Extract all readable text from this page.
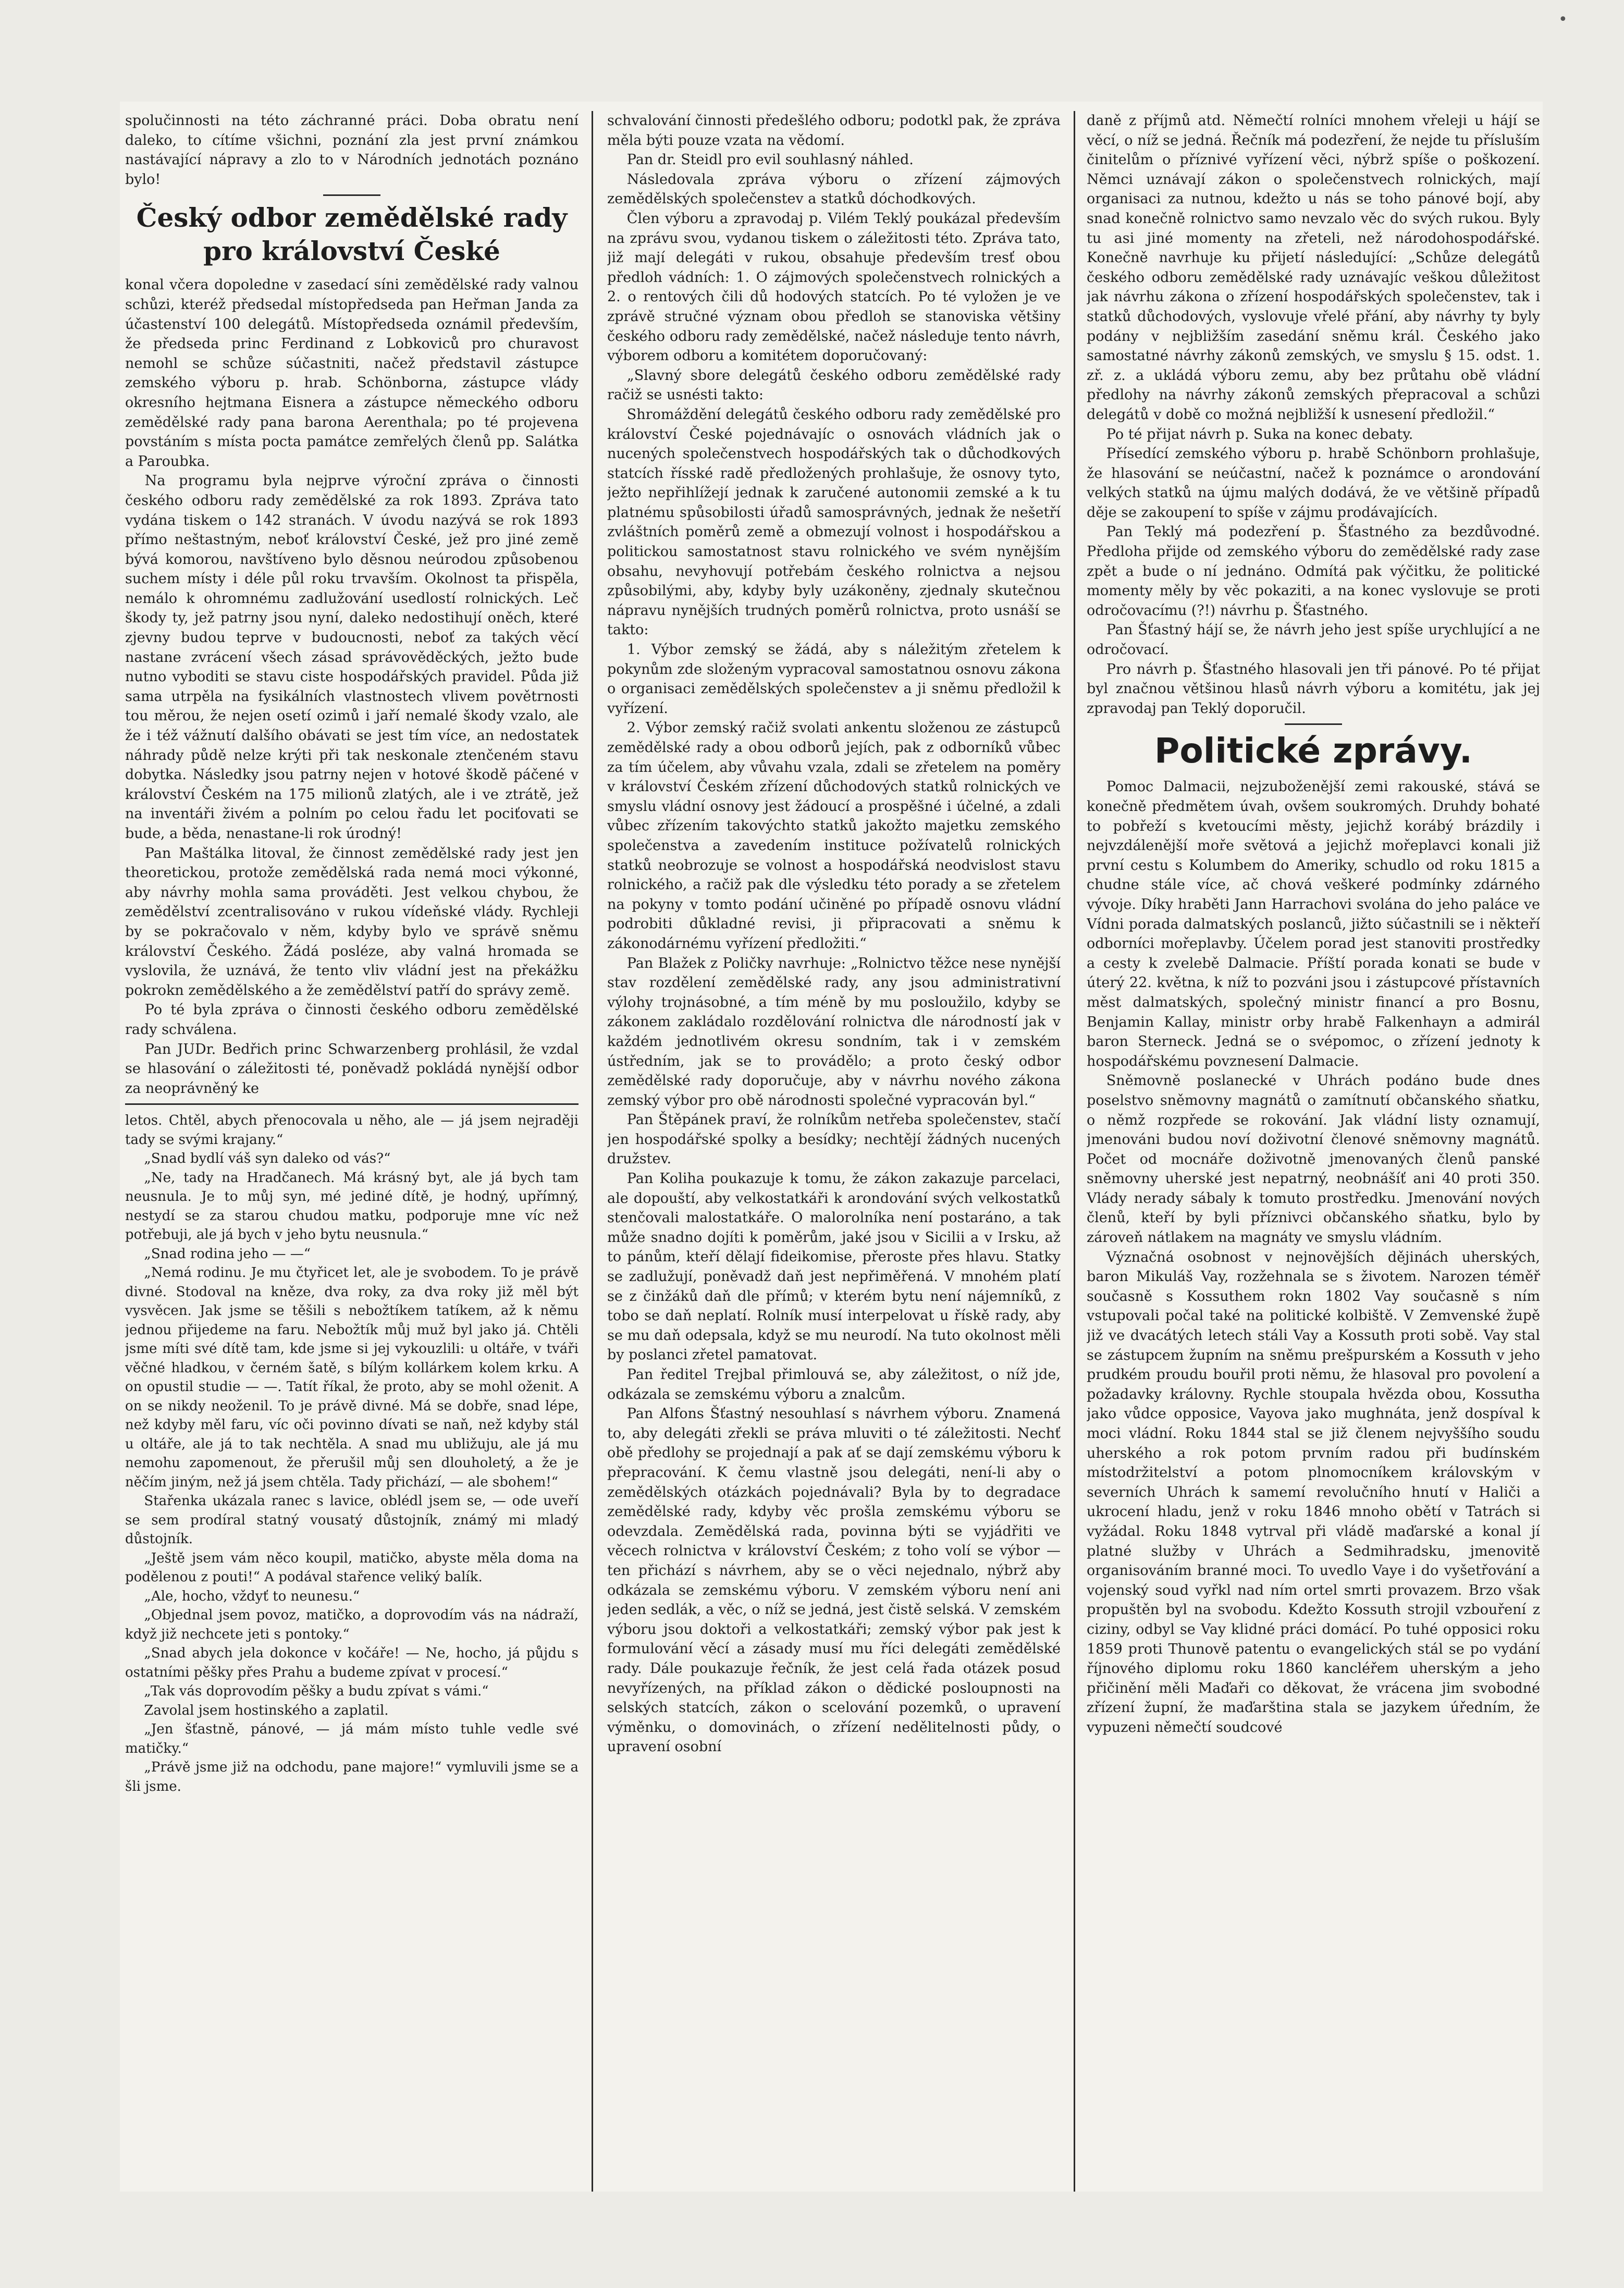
•

spolučinnosti na této záchranné práci. Doba obratu není daleko, to cítíme všichni, poznání zla jest první známkou nastávající nápravy a zlo to v Národních jednotách poznáno bylo!

Český odbor zemědělské rady pro království České

konal včera dopoledne v zasedací síni zemědělské rady valnou schůzi, kteréž předsedal místopředseda pan Heřman Janda za účastenství 100 delegátů. Místopředseda oznámil především, že předseda princ Ferdinand z Lobkoviců pro churavost nemohl se schůze súčastniti, načež představil zástupce zemského výboru p. hrab. Schönborna, zástupce vlády okresního hejtmana Eisnera a zástupce německého odboru zemědělské rady pana barona Aerenthala; po té projevena povstáním s místa pocta památce zemřelých členů pp. Salátka a Paroubka.

Na programu byla nejprve výroční zpráva o činnosti českého odboru rady zemědělské za rok 1893. Zpráva tato vydána tiskem o 142 stranách. V úvodu nazývá se rok 1893 přímo neštastným, neboť království České, jež pro jiné země bývá komorou, navštíveno bylo děsnou neúrodou způsobenou suchem místy i déle půl roku trvavším. Okolnost ta přispěla, nemálo k ohromnému zadlužování usedlostí rolnických. Leč škody ty, jež patrny jsou nyní, daleko nedostihují oněch, které zjevny budou teprve v budoucnosti, neboť za takých věcí nastane zvrácení všech zásad správověděckých, ježto bude nutno vyboditi se stavu ciste hospodářských pravidel. Půda již sama utrpěla na fysikálních vlastnostech vlivem povětrnosti tou měrou, že nejen osetí ozimů i jaří nemalé škody vzalo, ale že i též vážnutí dalšího obávati se jest tím více, an nedostatek náhrady půdě nelze krýti při tak neskonale ztenčeném stavu dobytka. Následky jsou patrny nejen v hotové škodě páčené v království Českém na 175 milionů zlatých, ale i ve ztrátě, jež na inventáři živém a polním po celou řadu let pociťovati se bude, a běda, nenastane-li rok úrodný!

Pan Maštálka litoval, že činnost zemědělské rady jest jen theoretickou, protože zemědělská rada nemá moci výkonné, aby návrhy mohla sama prováděti. Jest velkou chybou, že zemědělství zcentralisováno v rukou vídeňské vlády. Rychleji by se pokračovalo v něm, kdyby bylo ve správě sněmu království Českého. Žádá posléze, aby valná hromada se vyslovila, že uznává, že tento vliv vládní jest na překážku pokrokn zemědělského a že zemědělství patří do správy země.

Po té byla zpráva o činnosti českého odboru zemědělské rady schválena.

Pan JUDr. Bedřich princ Schwarzenberg prohlásil, že vzdal se hlasování o záležitosti té, poněvadž pokládá nynější odbor za neoprávněný ke

letos. Chtěl, abych přenocovala u něho, ale — já jsem nejraději tady se svými krajany.“

„Snad bydlí váš syn daleko od vás?“

„Ne, tady na Hradčanech. Má krásný byt, ale já bych tam neusnula. Je to můj syn, mé jediné dítě, je hodný, upřímný, nestydí se za starou chudou matku, podporuje mne víc než potřebuji, ale já bych v jeho bytu neusnula.“

„Snad rodina jeho — —“

„Nemá rodinu. Je mu čtyřicet let, ale je svobodem. To je právě divné. Stodoval na kněze, dva roky, za dva roky již měl být vysvěcen. Jak jsme se těšili s nebožtíkem tatíkem, až k němu jednou přijedeme na faru. Nebožtík můj muž byl jako já. Chtěli jsme míti své dítě tam, kde jsme si jej vykouzlili: u oltáře, v tváři věčné hladkou, v černém šatě, s bílým kollárkem kolem krku. A on opustil studie — —. Tatít říkal, že proto, aby se mohl oženit. A on se nikdy neoženil. To je právě divné. Má se dobře, snad lépe, než kdyby měl faru, víc oči povinno dívati se naň, než kdyby stál u oltáře, ale já to tak nechtěla. A snad mu ubližuju, ale já mu nemohu zapomenout, že přerušil můj sen dlouholetý, a že je něčím jiným, než já jsem chtěla. Tady přichází, — ale sbohem!“

Stařenka ukázala ranec s lavice, oblédl jsem se, — ode uveří se sem prodíral statný vousatý důstojník, známý mi mladý důstojník.

„Ještě jsem vám něco koupil, matičko, abyste měla doma na podělenou z pouti!“ A podával stařence veliký balík.

„Ale, hocho, vždyť to neunesu.“

„Objednal jsem povoz, matičko, a doprovodím vás na nádraží, když již nechcete jeti s pontoky.“

„Snad abych jela dokonce v kočáře! — Ne, hocho, já půjdu s ostatními pěšky přes Prahu a budeme zpívat v procesí.“

„Tak vás doprovodím pěšky a budu zpívat s vámi.“

Zavolal jsem hostinského a zaplatil.

„Jen šťastně, pánové, — já mám místo tuhle vedle své matičky.“

„Právě jsme již na odchodu, pane majore!“ vymluvili jsme se a šli jsme.

schvalování činnosti předešlého odboru; podotkl pak, že zpráva měla býti pouze vzata na vědomí.

Pan dr. Steidl pro evil souhlasný náhled.

Následovala zpráva výboru o zřízení zájmových zemědělských společenstev a statků dóchodkových.

Člen výboru a zpravodaj p. Vilém Teklý poukázal především na zprávu svou, vydanou tiskem o záležitosti této. Zpráva tato, již mají delegáti v rukou, obsahuje především tresť obou předloh vádních: 1. O zájmových společenstvech rolnických a 2. o rentových čili dů hodových statcích. Po té vyložen je ve zprávě stručné význam obou předloh se stanoviska většiny českého odboru rady zemědělské, načež následuje tento návrh, výborem odboru a komitétem doporučovaný:

„Slavný sbore delegátů českého odboru zemědělské rady račiž se usnésti takto:

Shromáždění delegátů českého odboru rady zemědělské pro království České pojednávajíc o osnovách vládních jak o nucených společenstvech hospodářských tak o důchodkových statcích řísské radě předložených prohlašuje, že osnovy tyto, ježto nepřihlížejí jednak k zaručené autonomii zemské a k tu platnému spůsobilosti úřadů samosprávných, jednak že nešetří zvláštních poměrů země a obmezují volnost i hospodářskou a politickou samostatnost stavu rolnického ve svém nynějším obsahu, nevyhovují potřebám českého rolnictva a nejsou způsobilými, aby, kdyby byly uzákoněny, zjednaly skutečnou nápravu nynějších trudných poměrů rolnictva, proto usnáší se takto:

1. Výbor zemský se žádá, aby s náležitým zřetelem k pokynům zde složeným vypracoval samostatnou osnovu zákona o organisaci zemědělských společenstev a ji sněmu předložil k vyřízení.

2. Výbor zemský račiž svolati ankentu složenou ze zástupců zemědělské rady a obou odborů jejích, pak z odborníků vůbec za tím účelem, aby vůvahu vzala, zdali se zřetelem na poměry v království Českém zřízení důchodových statků rolnických ve smyslu vládní osnovy jest žádoucí a prospěšné i účelné, a zdali vůbec zřízením takovýchto statků jakožto majetku zemského společenstva a zavedením instituce požívatelů rolnických statků neobrozuje se volnost a hospodářská neodvislost stavu rolnického, a račiž pak dle výsledku této porady a se zřetelem na pokyny v tomto podání učiněné po případě osnovu vládní podrobiti důkladné revisi, ji připracovati a sněmu k zákonodárnému vyřízení předložiti.“

Pan Blažek z Poličky navrhuje: „Rolnictvo těžce nese nynější stav rozdělení zemědělské rady, any jsou administrativní výlohy trojnásobné, a tím méně by mu posloužilo, kdyby se zákonem zakládalo rozdělování rolnictva dle národností jak v každém jednotlivém okresu sondním, tak i v zemském ústředním, jak se to provádělo; a proto český odbor zemědělské rady doporučuje, aby v návrhu nového zákona zemský výbor pro obě národnosti společné vypracován byl.“

Pan Štěpánek praví, že rolníkům netřeba společenstev, stačí jen hospodářské spolky a besídky; nechtějí žádných nucených družstev.

Pan Koliha poukazuje k tomu, že zákon zakazuje parcelaci, ale dopouští, aby velkostatkáři k arondování svých velkostatků stenčovali malostatkáře. O malorolníka není postaráno, a tak může snadno dojíti k poměrům, jaké jsou v Sicilii a v Irsku, až to pánům, kteří dělají fideikomise, přeroste přes hlavu. Statky se zadlužují, poněvadž daň jest nepřiměřená. V mnohém platí se z činžáků daň dle přímů; v kterém bytu není nájemníků, z tobo se daň neplatí. Rolník musí interpelovat u řískě rady, aby se mu daň odepsala, když se mu neurodí. Na tuto okolnost měli by poslanci zřetel pamatovat.

Pan ředitel Trejbal přimlouvá se, aby záležitost, o níž jde, odkázala se zemskému výboru a znalcům.

Pan Alfons Šťastný nesouhlasí s návrhem výboru. Znamená to, aby delegáti zřekli se práva mluviti o té záležitosti. Nechť obě předlohy se projednají a pak ať se dají zemskému výboru k přepracování. K čemu vlastně jsou delegáti, není-li aby o zemědělských otázkách pojednávali? Byla by to degradace zemědělské rady, kdyby věc prošla zemskému výboru se odevzdala. Zemědělská rada, povinna býti se vyjádřiti ve věcech rolnictva v království Českém; z toho volí se výbor — ten přichází s návrhem, aby se o věci nejednalo, nýbrž aby odkázala se zemskému výboru. V zemském výboru není ani jeden sedlák, a věc, o níž se jedná, jest čistě selská. V zemském výboru jsou doktoři a velkostatkáři; zemský výbor pak jest k formulování věcí a zásady musí mu říci delegáti zemědělské rady. Dále poukazuje řečník, že jest celá řada otázek posud nevyřízených, na příklad zákon o dědické posloupnosti na selských statcích, zákon o scelování pozemků, o upravení výměnku, o domovinách, o zřízení nedělitelnosti půdy, o upravení osobní

daně z příjmů atd. Němečtí rolníci mnohem vřeleji u hájí se věcí, o níž se jedná. Řečník má podezření, že nejde tu přísluším činitelům o příznivé vyřízení věci, nýbrž spíše o poškození. Němci uznávají zákon o společenstvech rolnických, mají organisaci za nutnou, kdežto u nás se toho pánové bojí, aby snad konečně rolnictvo samo nevzalo věc do svých rukou. Byly tu asi jiné momenty na zřeteli, než národohospodářské. Konečně navrhuje ku přijetí následující: „Schůze delegátů českého odboru zemědělské rady uznávajíc veškou důležitost jak návrhu zákona o zřízení hospodářských společenstev, tak i statků důchodových, vyslovuje vřelé přání, aby návrhy ty byly podány v nejbližším zasedání sněmu král. Českého jako samostatné návrhy zákonů zemských, ve smyslu § 15. odst. 1. zř. z. a ukládá výboru zemu, aby bez průtahu obě vládní předlohy na návrhy zákonů zemských přepracoval a schůzi delegátů v době co možná nejbližší k usnesení předložil.“

Po té přijat návrh p. Suka na konec debaty.

Přísedící zemského výboru p. hrabě Schönborn prohlašuje, že hlasování se neúčastní, načež k poznámce o arondování velkých statků na újmu malých dodává, že ve většině případů děje se zakoupení to spíše v zájmu prodávajících.

Pan Teklý má podezření p. Šťastného za bezdůvodné. Předloha přijde od zemského výboru do zemědělské rady zase zpět a bude o ní jednáno. Odmítá pak výčitku, že politické momenty měly by věc pokaziti, a na konec vyslovuje se proti odročovacímu (?!) návrhu p. Šťastného.

Pan Šťastný hájí se, že návrh jeho jest spíše urychlující a ne odročovací.

Pro návrh p. Šťastného hlasovali jen tři pánové. Po té přijat byl značnou většinou hlasů návrh výboru a komitétu, jak jej zpravodaj pan Teklý doporučil.

Politické zprávy.

Pomoc Dalmacii, nejzuboženější zemi rakouské, stává se konečně předmětem úvah, ovšem soukromých. Druhdy bohaté to pobřeží s kvetoucími městy, jejichž korábý brázdily i nejvzdálenější moře světová a jejichž mořeplavci konali již první cestu s Kolumbem do Ameriky, schudlo od roku 1815 a chudne stále více, ač chová veškeré podmínky zdárného vývoje. Díky hraběti Jann Harrachovi svolána do jeho paláce ve Vídni porada dalmatských poslanců, jižto súčastnili se i někteří odborníci mořeplavby. Účelem porad jest stanoviti prostředky a cesty k zvelebě Dalmacie. Příští porada konati se bude v úterý 22. května, k níž to pozváni jsou i zástupcové přístavních měst dalmatských, společný ministr financí a pro Bosnu, Benjamin Kallay, ministr orby hrabě Falkenhayn a admirál baron Sterneck. Jedná se o svépomoc, o zřízení jednoty k hospodářskému povznesení Dalmacie.

Sněmovně poslanecké v Uhrách podáno bude dnes poselstvo sněmovny magnátů o zamítnutí občanského sňatku, o němž rozpřede se rokování. Jak vládní listy oznamují, jmenováni budou noví doživotní členové sněmovny magnátů. Počet od mocnáře doživotně jmenovaných členů panské sněmovny uherské jest nepatrný, neobnášíť ani 40 proti 350. Vlády nerady sábaly k tomuto prostředku. Jmenování nových členů, kteří by byli příznivci občanského sňatku, bylo by zároveň nátlakem na magnáty ve smyslu vládním.

Význačná osobnost v nejnovějších dějinách uherských, baron Mikuláš Vay, rozžehnala se s životem. Narozen téměř současně s Kossuthem rokn 1802 Vay současně s ním vstupovali počal také na politické kolbiště. V Zemvenské župě již ve dvacátých letech stáli Vay a Kossuth proti sobě. Vay stal se zástupcem župním na sněmu prešpurském a Kossuth v jeho prudkém proudu bouřil proti němu, že hlasoval pro povolení a požadavky královny. Rychle stoupala hvězda obou, Kossutha jako vůdce opposice, Vayova jako mughnáta, jenž dospíval k moci vládní. Roku 1844 stal se již členem nejvyššího soudu uherského a rok potom prvním radou při budínském místodržitelství a potom plnomocníkem královským v severních Uhrách k samemí revolučního hnutí v Haliči a ukrocení hladu, jenž v roku 1846 mnoho obětí v Tatrách si vyžádal. Roku 1848 vytrval při vládě maďarské a konal jí platné služby v Uhrách a Sedmihradsku, jmenovitě organisováním branné moci. To uvedlo Vaye i do vyšetřování a vojenský soud vyřkl nad ním ortel smrti provazem. Brzo však propuštěn byl na svobodu. Kdežto Kossuth strojil vzbouření z ciziny, odbyl se Vay klidné práci domácí. Po tuhé opposici roku 1859 proti Thunově patentu o evangelických stál se po vydání říjnového diplomu roku 1860 kancléřem uherským a jeho přičinění měli Maďaři co děkovat, že vrácena jim svobodné zřízení župní, že maďarština stala se jazykem úředním, že vypuzeni němečtí soudcové
